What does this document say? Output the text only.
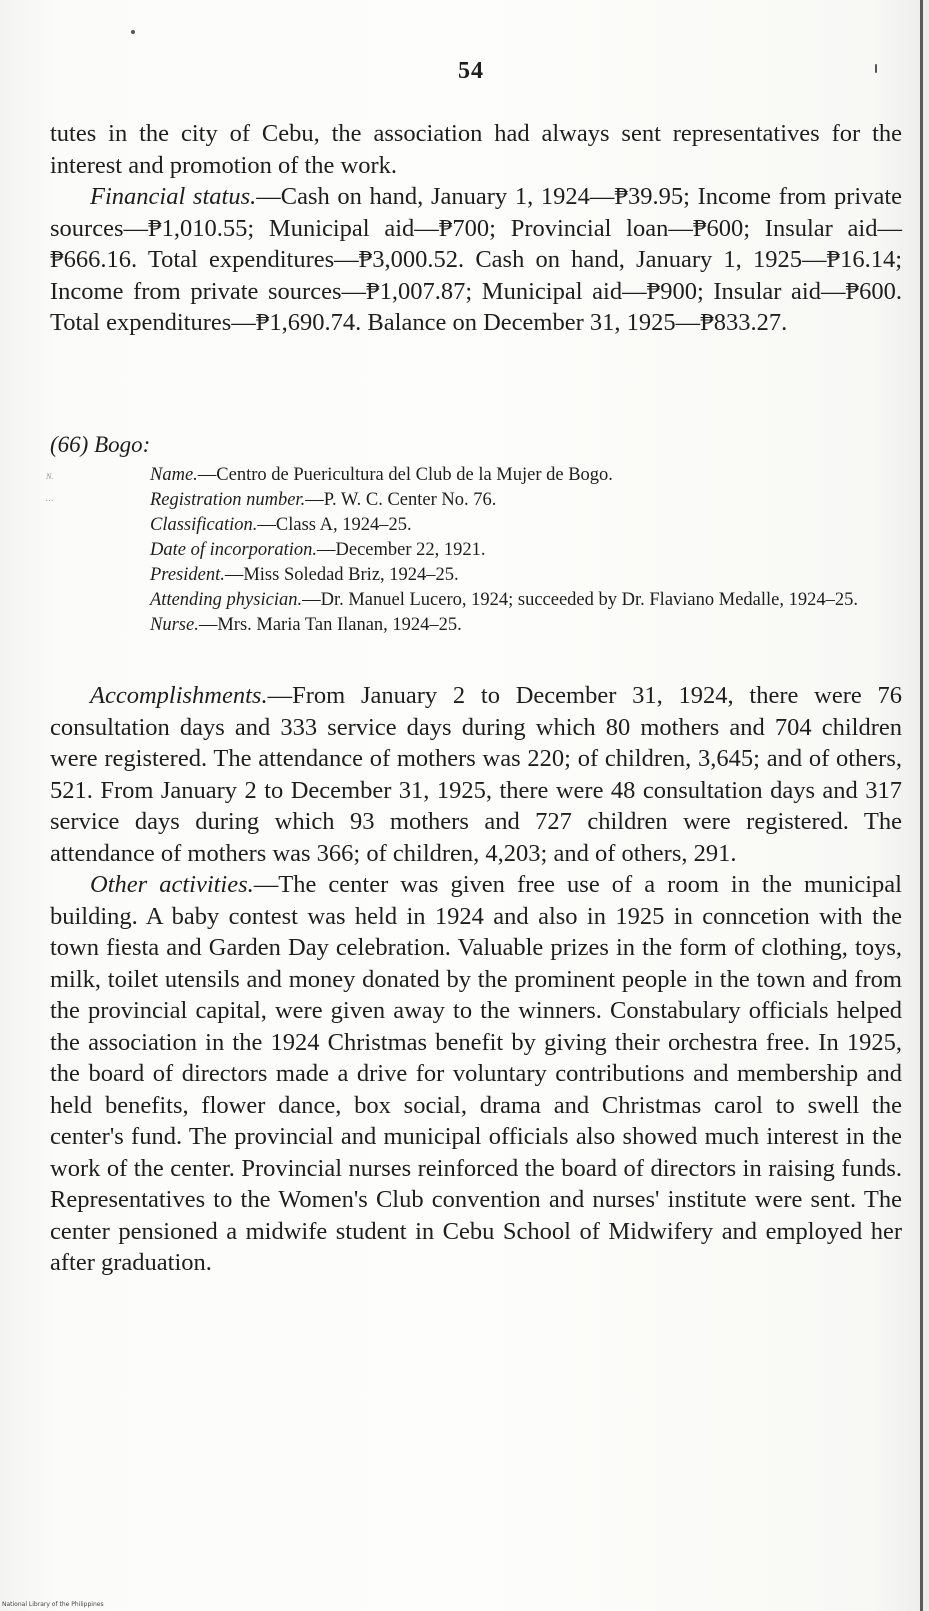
54

tutes in the city of Cebu, the association had always sent representatives for the interest and promotion of the work.

Financial status.—Cash on hand, January 1, 1924—₱39.95; Income from private sources—₱1,010.55; Municipal aid—₱700; Provincial loan—₱600; Insular aid—₱666.16. Total expenditures—₱3,000.52. Cash on hand, January 1, 1925—₱16.14; Income from private sources—₱1,007.87; Municipal aid—₱900; Insular aid—₱600. Total expenditures—₱1,690.74. Balance on December 31, 1925—₱833.27.

(66) Bogo:
N.
…
Name.—Centro de Puericultura del Club de la Mujer de Bogo.
Registration number.—P. W. C. Center No. 76.
Classification.—Class A, 1924–25.
Date of incorporation.—December 22, 1921.
President.—Miss Soledad Briz, 1924–25.
Attending physician.—Dr. Manuel Lucero, 1924; succeeded by Dr. Flaviano Medalle, 1924–25.
Nurse.—Mrs. Maria Tan Ilanan, 1924–25.

Accomplishments.—From January 2 to December 31, 1924, there were 76 consultation days and 333 service days during which 80 mothers and 704 children were registered. The attendance of mothers was 220; of children, 3,645; and of others, 521. From January 2 to December 31, 1925, there were 48 consultation days and 317 service days during which 93 mothers and 727 children were registered. The attendance of mothers was 366; of children, 4,203; and of others, 291.

Other activities.—The center was given free use of a room in the municipal building. A baby contest was held in 1924 and also in 1925 in conncetion with the town fiesta and Garden Day celebration. Valuable prizes in the form of clothing, toys, milk, toilet utensils and money donated by the prominent people in the town and from the provincial capital, were given away to the winners. Constabulary officials helped the association in the 1924 Christmas benefit by giving their orchestra free. In 1925, the board of directors made a drive for voluntary contributions and membership and held benefits, flower dance, box social, drama and Christmas carol to swell the center's fund. The provincial and municipal officials also showed much interest in the work of the center. Provincial nurses reinforced the board of directors in raising funds. Representatives to the Women's Club convention and nurses' institute were sent. The center pensioned a midwife student in Cebu School of Midwifery and employed her after graduation.

National Library of the Philippines
